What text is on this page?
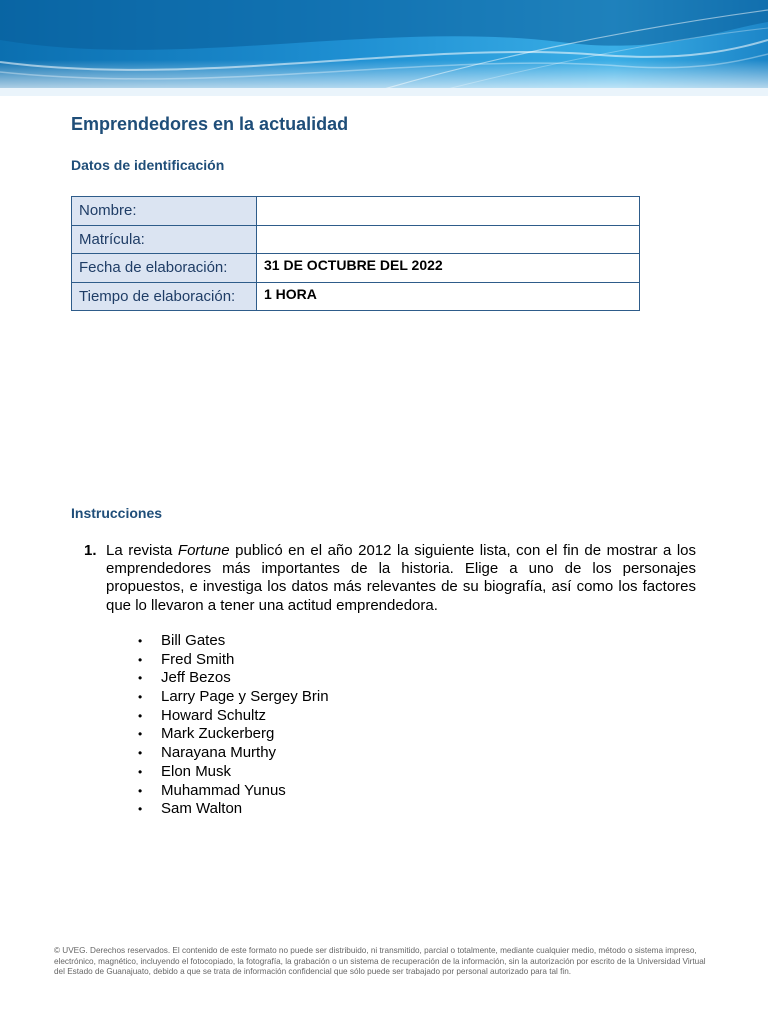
Emprendedores en la actualidad
Datos de identificación
Nombre:	
Matrícula:	
Fecha de elaboración:	31 DE OCTUBRE DEL 2022
Tiempo de elaboración:	1 HORA
Instrucciones

1. La revista Fortune publicó en el año 2012 la siguiente lista, con el fin de mostrar a los emprendedores más importantes de la historia. Elige a uno de los personajes propuestos, e investiga los datos más relevantes de su biografía, así como los factores que lo llevaron a tener una actitud emprendedora.

• Bill Gates
• Fred Smith
• Jeff Bezos
• Larry Page y Sergey Brin
• Howard Schultz
• Mark Zuckerberg
• Narayana Murthy
• Elon Musk
• Muhammad Yunus
• Sam Walton

© UVEG. Derechos reservados. El contenido de este formato no puede ser distribuido, ni transmitido, parcial o totalmente, mediante cualquier medio, método o sistema impreso, electrónico, magnético, incluyendo el fotocopiado, la fotografía, la grabación o un sistema de recuperación de la información, sin la autorización por escrito de la Universidad Virtual del Estado de Guanajuato, debido a que se trata de información confidencial que sólo puede ser trabajado por personal autorizado para tal fin.
